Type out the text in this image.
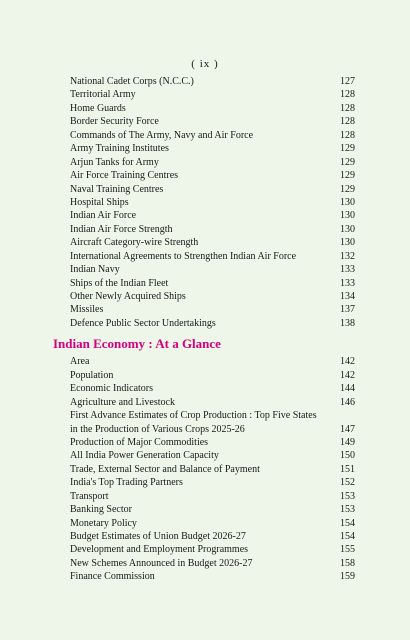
( ix )
National Cadet Corps (N.C.C.)	127
Territorial Army	128
Home Guards	128
Border Security Force	128
Commands of The Army, Navy and Air Force	128
Army Training Institutes	129
Arjun Tanks for Army	129
Air Force Training Centres	129
Naval Training Centres	129
Hospital Ships	130
Indian Air Force	130
Indian Air Force Strength	130
Aircraft Category-wire Strength	130
International Agreements to Strengthen Indian Air Force	132
Indian Navy	133
Ships of the Indian Fleet	133
Other Newly Acquired Ships	134
Missiles	137
Defence Public Sector Undertakings	138
Indian Economy : At a Glance
Area	142
Population	142
Economic Indicators	144
Agriculture and Livestock	146
First Advance Estimates of Crop Production : Top Five States
in the Production of Various Crops 2025-26	147
Production of Major Commodities	149
All India Power Generation Capacity	150
Trade, External Sector and Balance of Payment	151
India's Top Trading Partners	152
Transport	153
Banking Sector	153
Monetary Policy	154
Budget Estimates of Union Budget 2026-27	154
Development and Employment Programmes	155
New Schemes Announced in Budget 2026-27	158
Finance Commission	159
